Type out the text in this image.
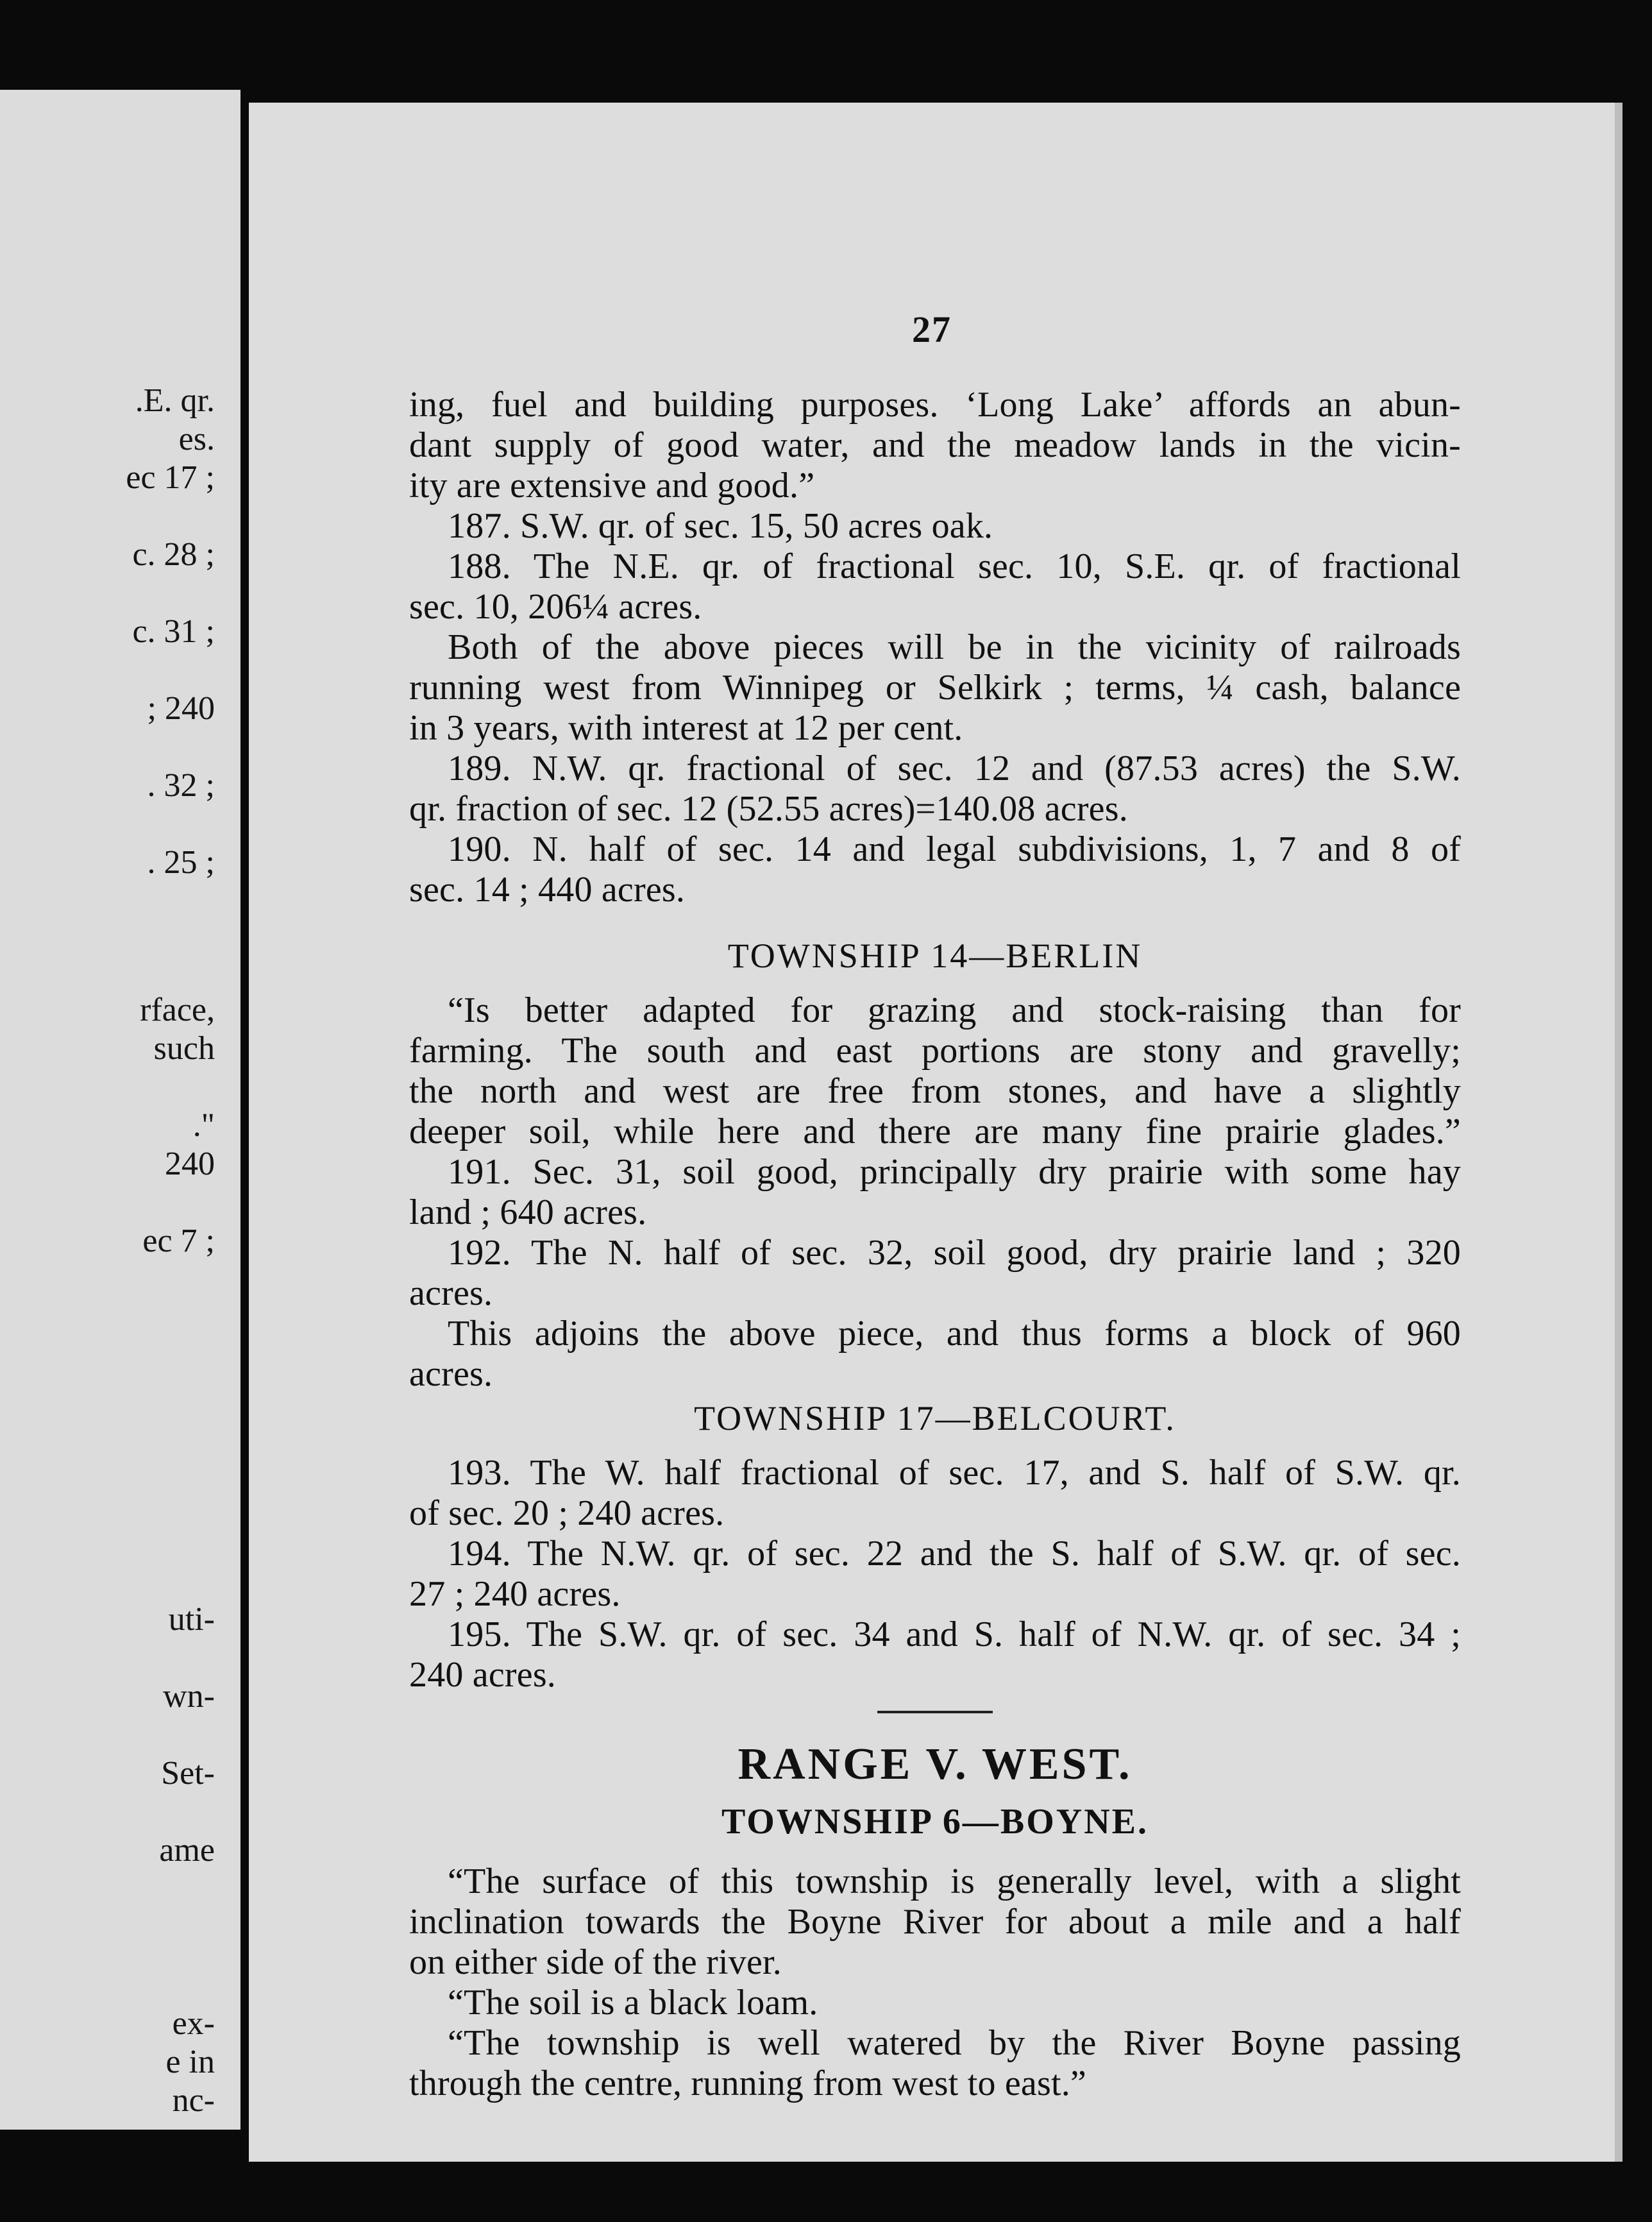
.E. qr.
es.
ec 17 ;
c. 28 ;
c. 31 ;
; 240
. 32 ;
. 25 ;
rface,
such
."
240
ec 7 ;
uti-
wn-
Set-
ame
ex-
e in
nc-
27

ing, fuel and building purposes. ‘Long Lake’ affords an abun-

dant supply of good water, and the meadow lands in the vicin-

ity are extensive and good.”

187. S.W. qr. of sec. 15, 50 acres oak.

188. The N.E. qr. of fractional sec. 10, S.E. qr. of fractional

sec. 10, 206¼ acres.

Both of the above pieces will be in the vicinity of railroads

running west from Winnipeg or Selkirk ; terms, ¼ cash, balance

in 3 years, with interest at 12 per cent.

189. N.W. qr. fractional of sec. 12 and (87.53 acres) the S.W.

qr. fraction of sec. 12 (52.55 acres)=140.08 acres.

190. N. half of sec. 14 and legal subdivisions, 1, 7 and 8 of

sec. 14 ; 440 acres.

TOWNSHIP 14—BERLIN

“Is better adapted for grazing and stock-raising than for

farming. The south and east portions are stony and gravelly;

the north and west are free from stones, and have a slightly

deeper soil, while here and there are many fine prairie glades.”

191. Sec. 31, soil good, principally dry prairie with some hay

land ; 640 acres.

192. The N. half of sec. 32, soil good, dry prairie land ; 320

acres.

This adjoins the above piece, and thus forms a block of 960

acres.

TOWNSHIP 17—BELCOURT.

193. The W. half fractional of sec. 17, and S. half of S.W. qr.

of sec. 20 ; 240 acres.

194. The N.W. qr. of sec. 22 and the S. half of S.W. qr. of sec.

27 ; 240 acres.

195. The S.W. qr. of sec. 34 and S. half of N.W. qr. of sec. 34 ;

240 acres.

RANGE V. WEST.

TOWNSHIP 6—BOYNE.

“The surface of this township is generally level, with a slight

inclination towards the Boyne River for about a mile and a half

on either side of the river.

“The soil is a black loam.

“The township is well watered by the River Boyne passing

through the centre, running from west to east.”
